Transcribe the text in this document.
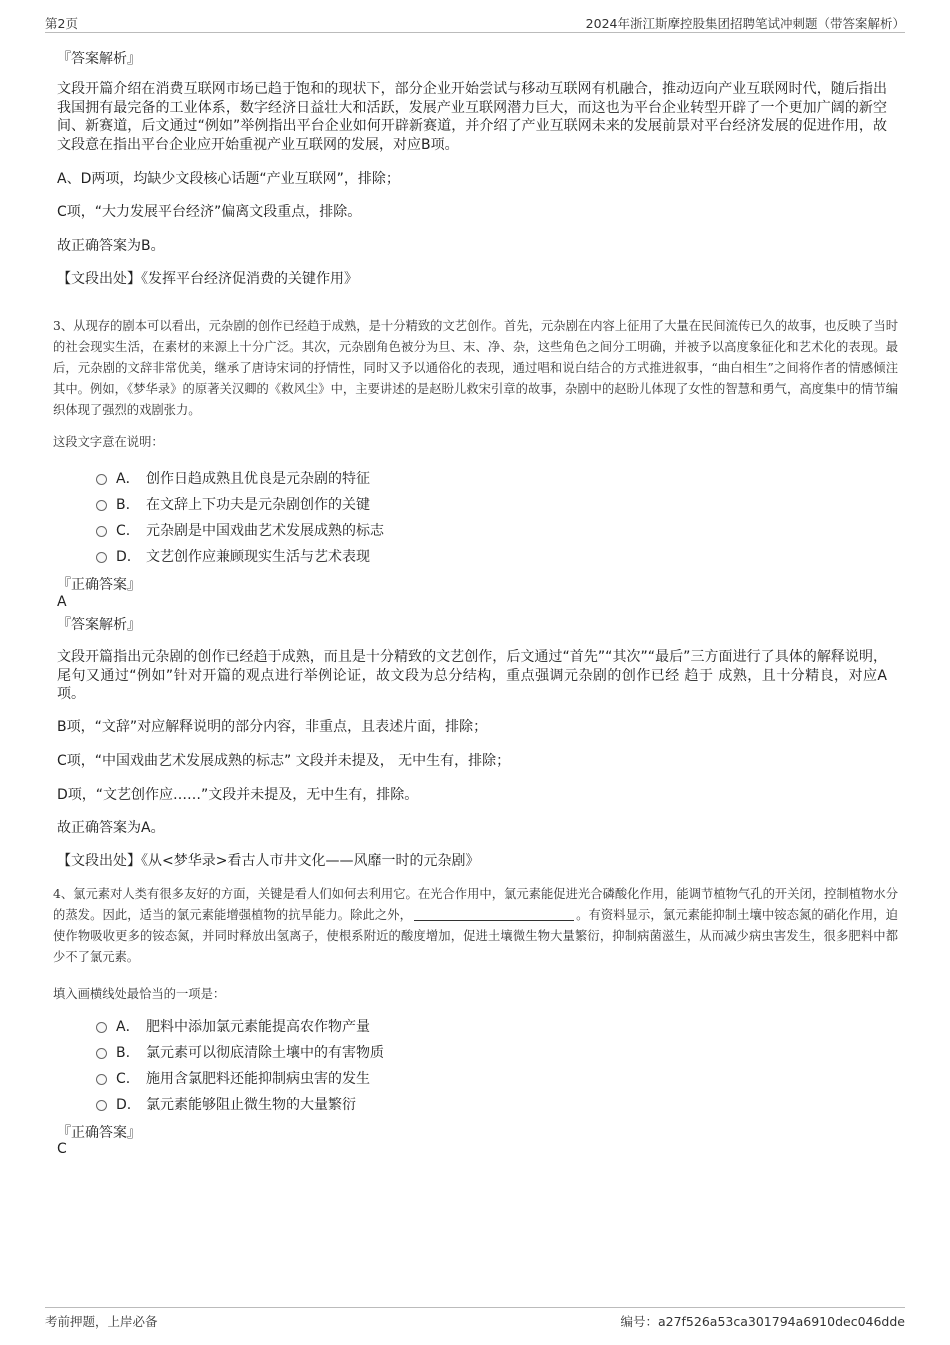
第2页	2024年浙江斯摩控股集团招聘笔试冲刺题（带答案解析）
『答案解析』
文段开篇介绍在消费互联网市场已趋于饱和的现状下，部分企业开始尝试与移动互联网有机融合，推动迈向产业互联网时代，随后指出我国拥有最完备的工业体系，数字经济日益壮大和活跃，发展产业互联网潜力巨大，而这也为平台企业转型开辟了一个更加广阔的新空间、新赛道，后文通过“例如”举例指出平台企业如何开辟新赛道，并介绍了产业互联网未来的发展前景对平台经济发展的促进作用，故文段意在指出平台企业应开始重视产业互联网的发展，对应B项。
A、D两项，均缺少文段核心话题“产业互联网”，排除；
C项，“大力发展平台经济”偏离文段重点，排除。
故正确答案为B。
【文段出处】《发挥平台经济促消费的关键作用》
3、从现存的剧本可以看出，元杂剧的创作已经趋于成熟，是十分精致的文艺创作。首先，元杂剧在内容上征用了大量在民间流传已久的故事，也反映了当时的社会现实生活，在素材的来源上十分广泛。其次，元杂剧角色被分为旦、末、净、杂，这些角色之间分工明确，并被予以高度象征化和艺术化的表现。最后，元杂剧的文辞非常优美，继承了唐诗宋词的抒情性，同时又予以通俗化的表现，通过唱和说白结合的方式推进叙事，“曲白相生”之间将作者的情感倾注其中。例如，《梦华录》的原著关汉卿的《救风尘》中，主要讲述的是赵盼儿救宋引章的故事，杂剧中的赵盼儿体现了女性的智慧和勇气，高度集中的情节编织体现了强烈的戏剧张力。
这段文字意在说明：
A． 创作日趋成熟且优良是元杂剧的特征
B. 在文辞上下功夫是元杂剧创作的关键
C. 元杂剧是中国戏曲艺术发展成熟的标志
D. 文艺创作应兼顾现实生活与艺术表现
『正确答案』
A
『答案解析』
文段开篇指出元杂剧的创作已经趋于成熟，而且是十分精致的文艺创作，后文通过“首先”“其次”“最后”三方面进行了具体的解释说明，尾句又通过“例如”针对开篇的观点进行举例论证，故文段为总分结构，重点强调元杂剧的创作已经 趋于 成熟，且十分精良，对应A项。
B项，“文辞”对应解释说明的部分内容，非重点，且表述片面，排除；
C项，“中国戏曲艺术发展成熟的标志” 文段并未提及， 无中生有，排除；
D项，“文艺创作应……”文段并未提及，无中生有，排除。
故正确答案为A。
【文段出处】《从<梦华录>看古人市井文化——风靡一时的元杂剧》
4、氯元素对人类有很多友好的方面，关键是看人们如何去利用它。在光合作用中，氯元素能促进光合磷酸化作用，能调节植物气孔的开关闭，控制植物水分的蒸发。因此，适当的氯元素能增强植物的抗旱能力。除此之外，	。有资料显示，氯元素能抑制土壤中铵态氮的硝化作用，迫使作物吸收更多的铵态氮，并同时释放出氢离子，使根系附近的酸度增加，促进土壤微生物大量繁衍，抑制病菌滋生，从而减少病虫害发生，很多肥料中都少不了氯元素。
填入画横线处最恰当的一项是：
A． 肥料中添加氯元素能提高农作物产量
B. 氯元素可以彻底清除土壤中的有害物质
C. 施用含氯肥料还能抑制病虫害的发生
D. 氯元素能够阻止微生物的大量繁衍
『正确答案』
C
考前押题，上岸必备	编号：a27f526a53ca301794a6910dec046dde
